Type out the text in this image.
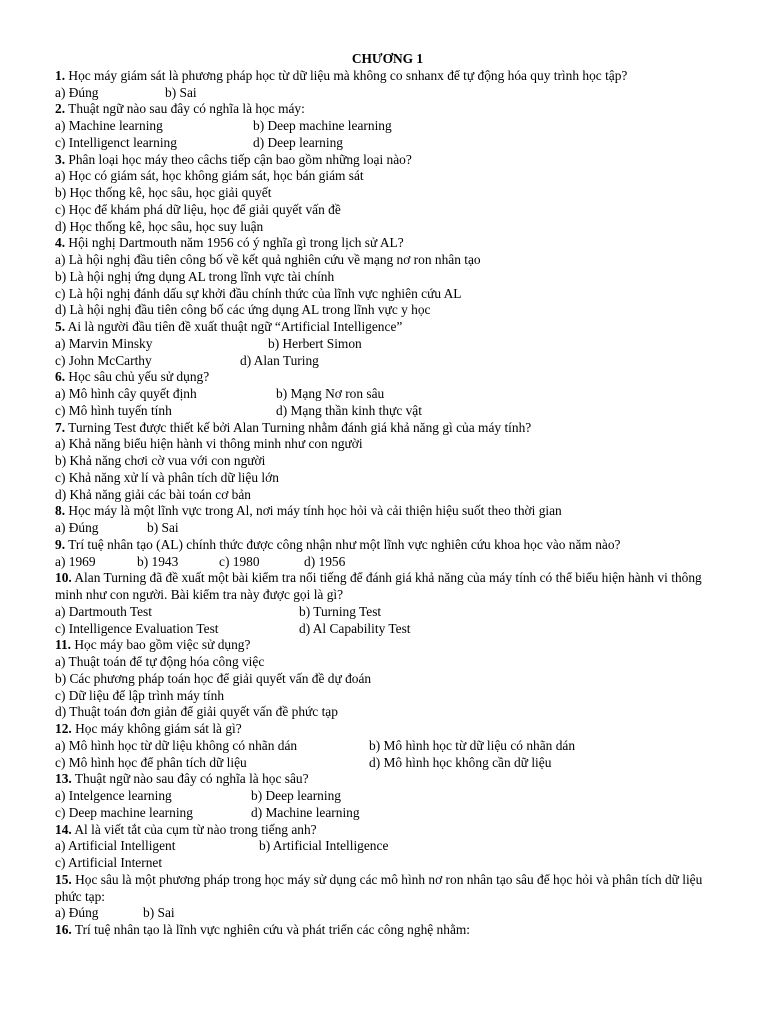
CHƯƠNG 1
1. Học máy giám sát là phương pháp học từ dữ liệu mà không co snhanx để tự động hóa quy trình học tập?
a) Đúng	b) Sai
2. Thuật ngữ nào sau đây có nghĩa là học máy:
a) Machine learning	b) Deep machine learning
c) Intelligenct learning	d) Deep learning
3. Phân loại học máy theo câchs tiếp cận bao gồm những loại nào?
a) Học có giám sát, học không giám sát, học bán giám sát
b) Học thống kê, học sâu, học giải quyết
c) Học để khám phá dữ liệu, học để giải quyết vấn đề
d) Học thống kê, học sâu, học suy luận
4. Hội nghị Dartmouth năm 1956 có ý nghĩa gì trong lịch sử AL?
a) Là hội nghị đầu tiên công bố về kết quả nghiên cứu về mạng nơ ron nhân tạo
b) Là hội nghị ứng dụng AL trong lĩnh vực tài chính
c) Là hội nghị đánh dấu sự khởi đầu chính thức của lĩnh vực nghiên cứu AL
d) Là hội nghị đầu tiên công bố các ứng dụng AL trong lĩnh vực y học
5. Ai là người đầu tiên đề xuất thuật ngữ “Artificial Intelligence”
a) Marvin Minsky	b) Herbert Simon
c) John McCarthy	d) Alan Turing
6. Học sâu chủ yếu sử dụng?
a) Mô hình cây quyết định	b) Mạng Nơ ron sâu
c) Mô hình tuyến tính	d) Mạng thần kinh thực vật
7. Turning Test được thiết kế bởi Alan Turning nhằm đánh giá khả năng gì của máy tính?
a) Khả năng biểu hiện hành vi thông minh như con người
b) Khả năng chơi cờ vua với con người
c) Khả năng xử lí và phân tích dữ liệu lớn
d) Khả năng giải các bài toán cơ bản
8. Học máy là một lĩnh vực trong Al, nơi máy tính học hỏi và cải thiện hiệu suốt theo thời gian
a) Đúng	b) Sai
9. Trí tuệ nhân tạo (AL) chính thức được công nhận như một lĩnh vực nghiên cứu khoa học vào năm nào?
a) 1969	b) 1943	c) 1980	d) 1956
10. Alan Turning đã đề xuất một bài kiểm tra nổi tiếng để đánh giá khả năng của máy tính có thể biểu hiện hành vi thông minh như con người. Bài kiểm tra này được gọi là gì?
a) Dartmouth Test	b) Turning Test
c) Intelligence Evaluation Test	d) Al Capability Test
11. Học máy bao gồm việc sử dụng?
a) Thuật toán để tự động hóa công việc
b) Các phương pháp toán học để giải quyết vấn đề dự đoán
c) Dữ liệu để lập trình máy tính
d) Thuật toán đơn giản để giải quyết vấn đề phức tạp
12. Học máy không giám sát là gì?
a) Mô hình học từ dữ liệu không có nhãn dán	b) Mô hình học từ dữ liệu có nhãn dán
c) Mô hình học để phân tích dữ liệu	d) Mô hình học không cần dữ liệu
13. Thuật ngữ nào sau đây có nghĩa là học sâu?
a) Intelgence learning	b) Deep learning
c) Deep machine learning	d) Machine learning
14. Al là viết tắt của cụm từ nào trong tiếng anh?
a) Artificial Intelligent	b) Artificial Intelligence
c) Artificial Internet
15. Học sâu là một phương pháp trong học máy sử dụng các mô hình nơ ron nhân tạo sâu để học hỏi và phân tích dữ liệu phức tạp:
a) Đúng	b) Sai
16. Trí tuệ nhân tạo là lĩnh vực nghiên cứu và phát triển các công nghệ nhằm:
